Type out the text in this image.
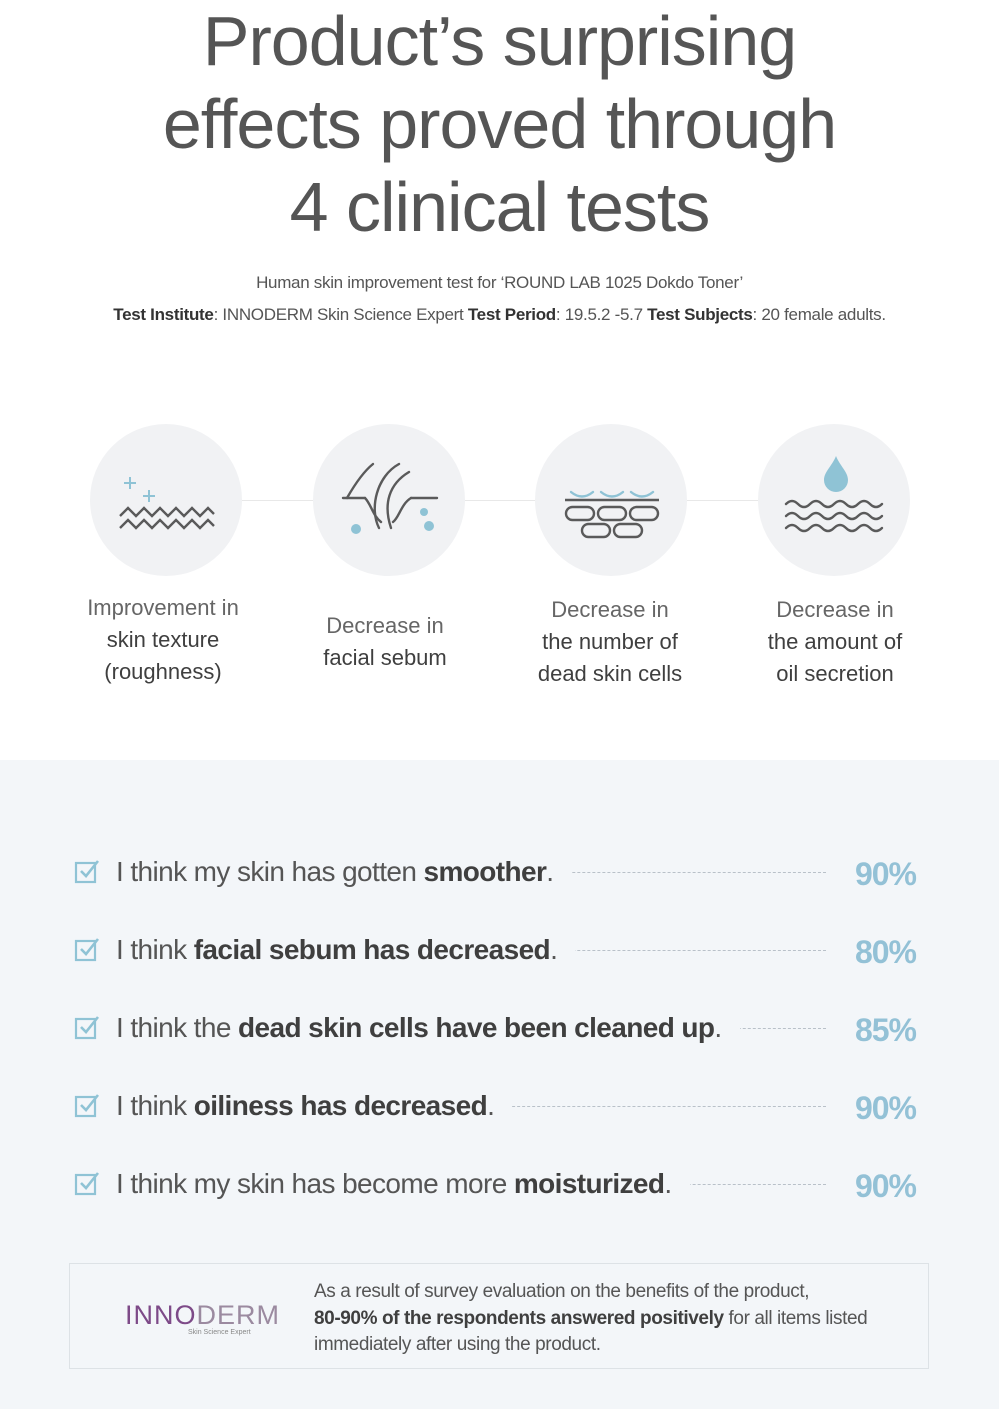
Product’s surprising
effects proved through
4 clinical tests
Human skin improvement test for ‘ROUND LAB 1025 Dokdo Toner’
Test Institute: INNODERM Skin Science Expert Test Period: 19.5.2 -5.7 Test Subjects: 20 female adults.
Improvement in
skin texture
(roughness)
Decrease in
facial sebum
Decrease in
the number of
dead skin cells
Decrease in
the amount of
oil secretion
I think my skin has gotten smoother.	90%
I think facial sebum has decreased.	80%
I think the dead skin cells have been cleaned up.	85%
I think oiliness has decreased.	90%
I think my skin has become more moisturized.	90%
INNODERM
Skin Science Expert
As a result of survey evaluation on the benefits of the product,
80-90% of the respondents answered positively for all items listed
immediately after using the product.
